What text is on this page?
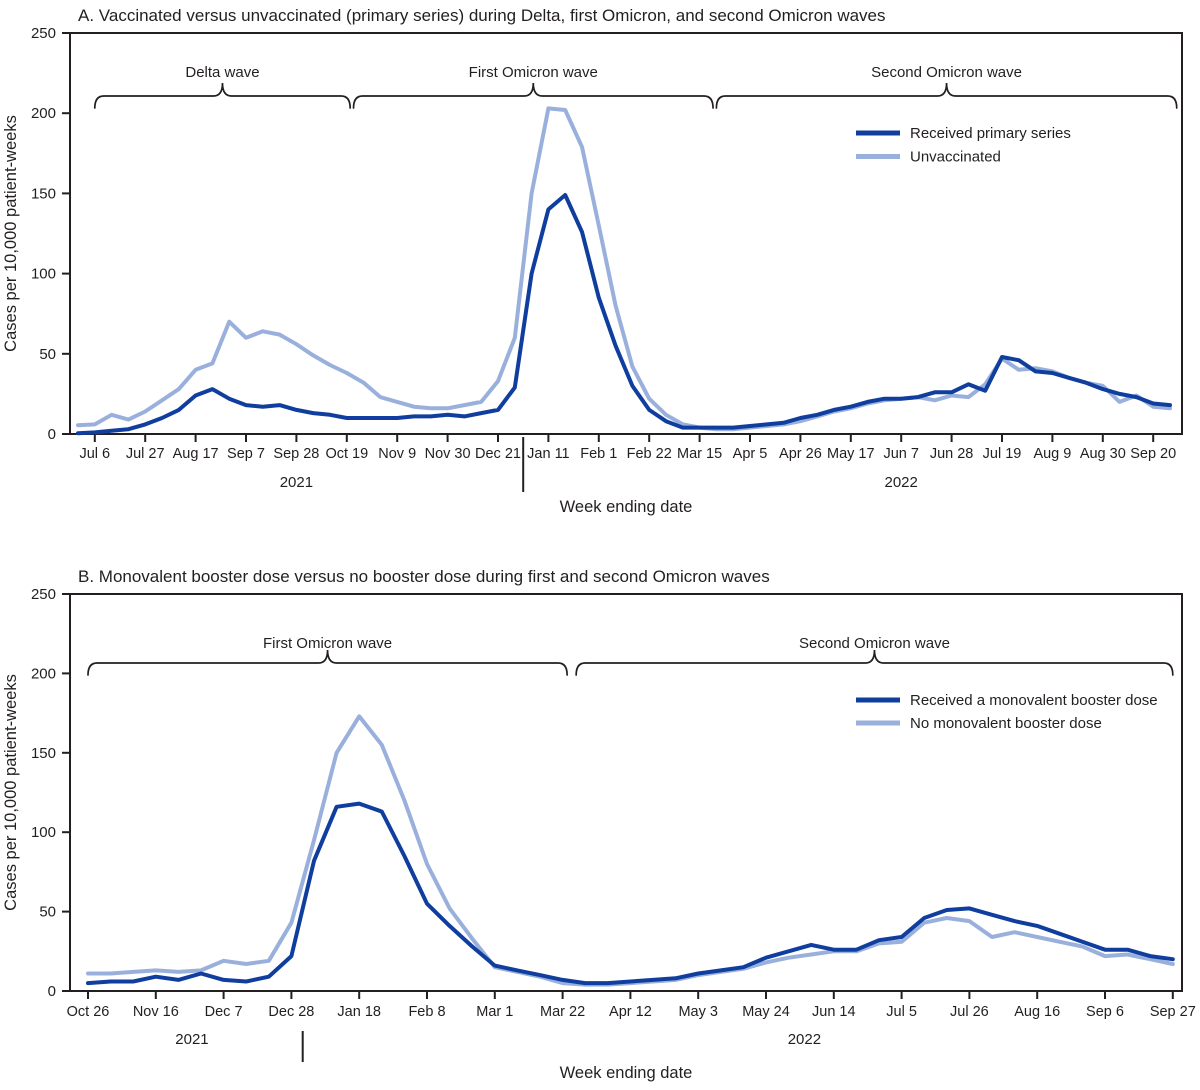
A. Vaccinated versus unvaccinated (primary series) during Delta, first Omicron, and second Omicron waves
0
50
100
150
200
250
Jul 6 Jul 27 Aug 17 Sep 7 Sep 28 Oct 19 Nov 9 Nov 30 Dec 21 Jan 11 Feb 1 Feb 22 Mar 15 Apr 5 Apr 26 May 17 Jun 7 Jun 28 Jul 19 Aug 9 Aug 30 Sep 20
2021	2022
Delta wave	First Omicron wave	Second Omicron wave
Week ending date
Cases per 10,000 patient-weeks	Received primary series
Unvaccinated
B. Monovalent booster dose versus no booster dose during first and second Omicron waves
0
50
100
150
200
250
Oct 26 Nov 16 Dec 7 Dec 28 Jan 18 Feb 8 Mar 1 Mar 22 Apr 12 May 3 May 24 Jun 14 Jul 5 Jul 26 Aug 16 Sep 6 Sep 27
2021	2022
First Omicron wave	Second Omicron wave
Week ending date
Cases per 10,000 patient-weeks	Received a monovalent booster dose
No monovalent booster dose
